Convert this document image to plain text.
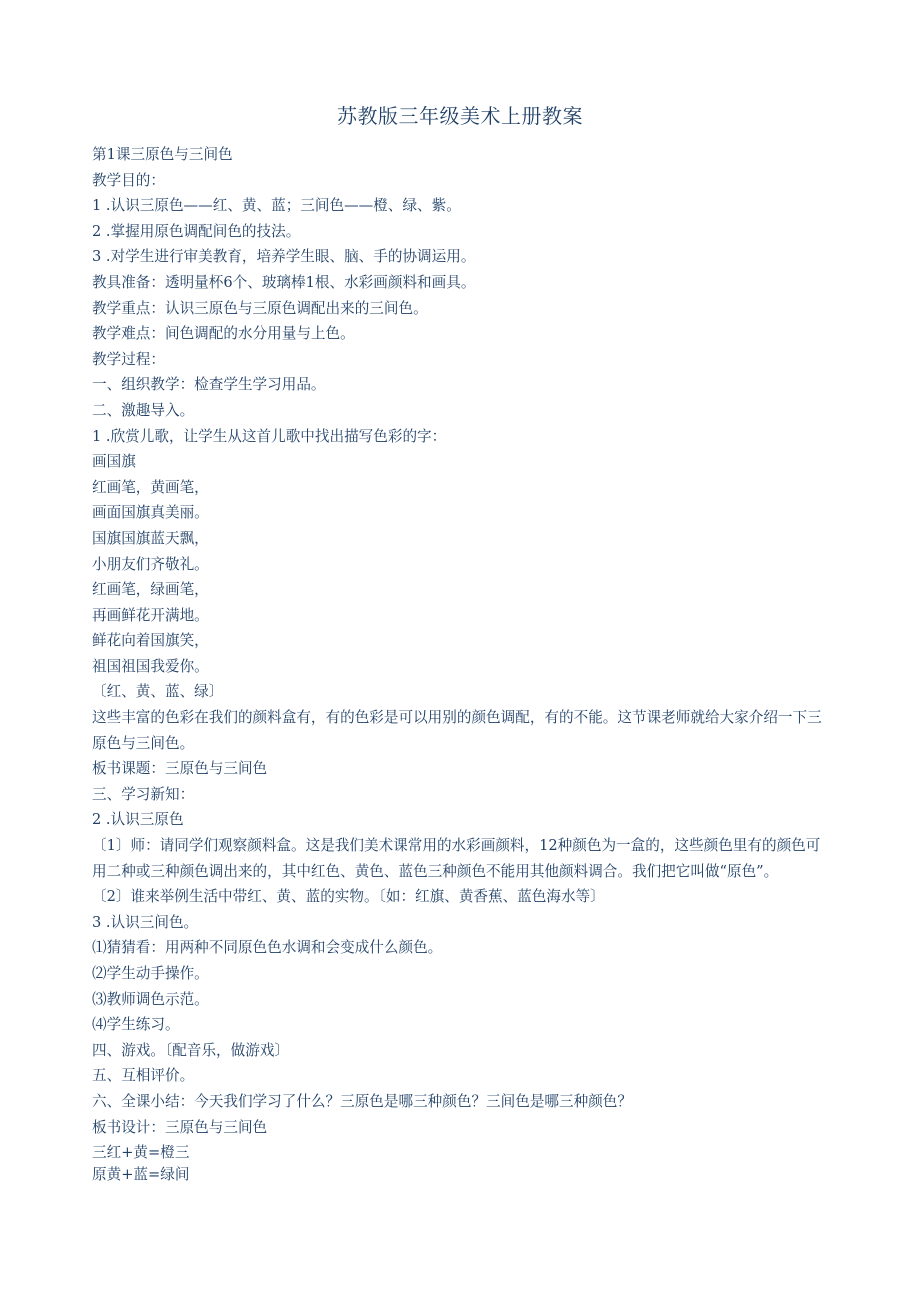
苏教版三年级美术上册教案
第1课三原色与三间色
教学目的：
1 .认识三原色——红、黄、蓝；三间色——橙、绿、紫。
2 .掌握用原色调配间色的技法。
3 .对学生进行审美教育，培养学生眼、脑、手的协调运用。
教具准备：透明量杯6个、玻璃棒1根、水彩画颜料和画具。
教学重点：认识三原色与三原色调配出来的三间色。
教学难点：间色调配的水分用量与上色。
教学过程：
一、组织教学：检查学生学习用品。
二、激趣导入。
1 .欣赏儿歌，让学生从这首儿歌中找出描写色彩的字：
画国旗
红画笔，黄画笔，
画面国旗真美丽。
国旗国旗蓝天飘，
小朋友们齐敬礼。
红画笔，绿画笔，
再画鲜花开满地。
鲜花向着国旗笑，
祖国祖国我爱你。
〔红、黄、蓝、绿〕
这些丰富的色彩在我们的颜料盒有，有的色彩是可以用别的颜色调配，有的不能。这节课老师就给大家介绍一下三原色与三间色。
板书课题：三原色与三间色
三、学习新知：
2 .认识三原色
〔1〕师：请同学们观察颜料盒。这是我们美术课常用的水彩画颜料，12种颜色为一盒的，这些颜色里有的颜色可用二种或三种颜色调出来的，其中红色、黄色、蓝色三种颜色不能用其他颜料调合。我们把它叫做“原色”。
〔2〕谁来举例生活中带红、黄、蓝的实物。〔如：红旗、黄香蕉、蓝色海水等〕
3 .认识三间色。
⑴猜猜看：用两种不同原色色水调和会变成什么颜色。
⑵学生动手操作。
⑶教师调色示范。
⑷学生练习。
四、游戏。〔配音乐，做游戏〕
五、互相评价。
六、全课小结：今天我们学习了什么？三原色是哪三种颜色？三间色是哪三种颜色？
板书设计：三原色与三间色
三红+黄=橙三
原黄+蓝=绿间
